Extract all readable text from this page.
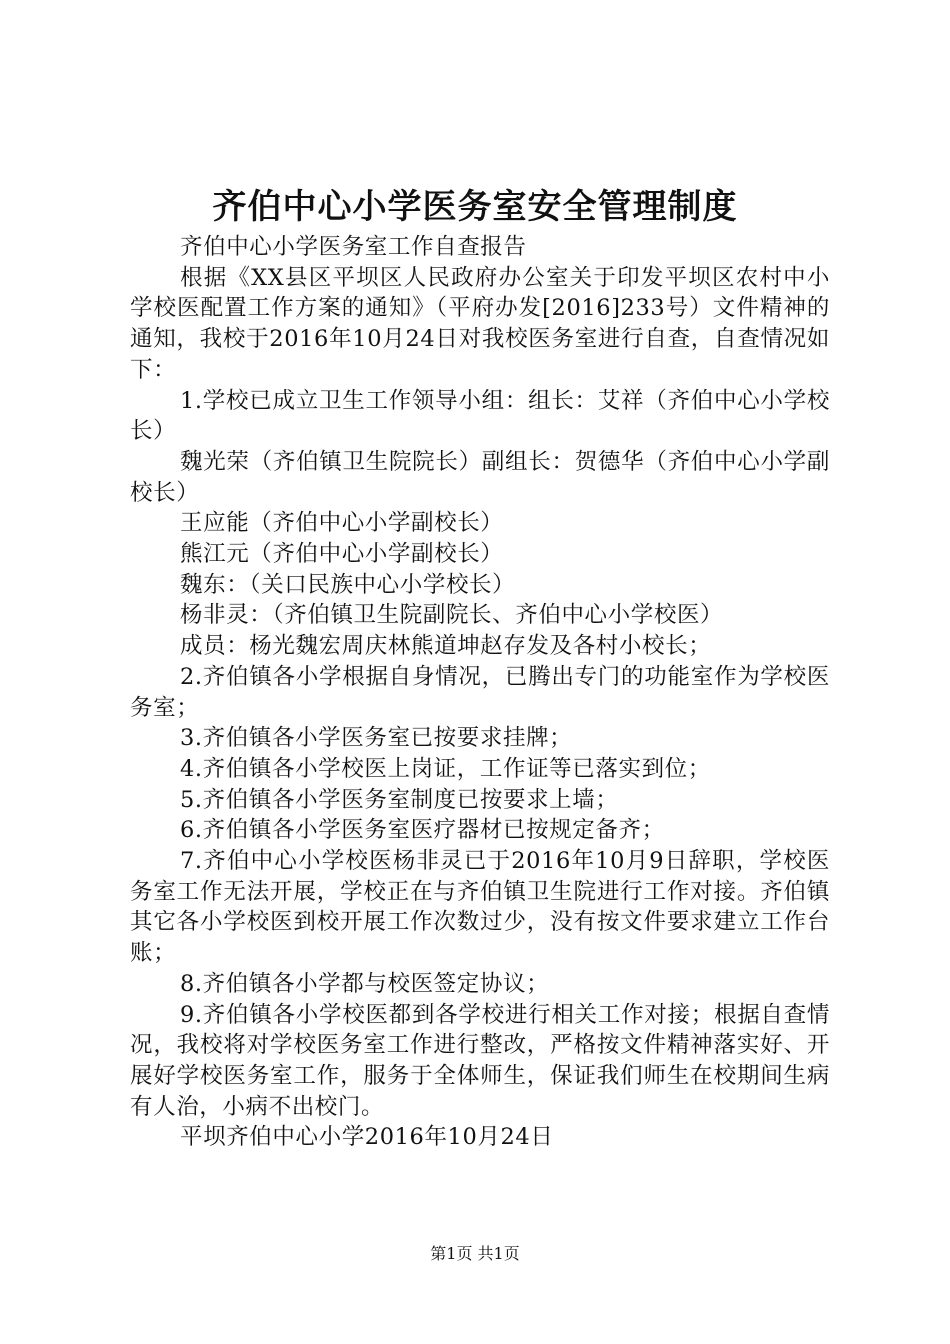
齐伯中心小学医务室安全管理制度

齐伯中心小学医务室工作自查报告

根据《XX县区平坝区人民政府办公室关于印发平坝区农村中小学校医配置工作方案的通知》（平府办发[2016]233号）文件精神的通知，我校于2016年10月24日对我校医务室进行自查，自查情况如下：

1.学校已成立卫生工作领导小组：组长：艾祥（齐伯中心小学校长）

魏光荣（齐伯镇卫生院院长）副组长：贺德华（齐伯中心小学副校长）

王应能（齐伯中心小学副校长）

熊江元（齐伯中心小学副校长）

魏东：（关口民族中心小学校长）

杨非灵：（齐伯镇卫生院副院长、齐伯中心小学校医）

成员：杨光魏宏周庆林熊道坤赵存发及各村小校长；

2.齐伯镇各小学根据自身情况，已腾出专门的功能室作为学校医务室；

3.齐伯镇各小学医务室已按要求挂牌；

4.齐伯镇各小学校医上岗证，工作证等已落实到位；

5.齐伯镇各小学医务室制度已按要求上墙；

6.齐伯镇各小学医务室医疗器材已按规定备齐；

7.齐伯中心小学校医杨非灵已于2016年10月9日辞职，学校医务室工作无法开展，学校正在与齐伯镇卫生院进行工作对接。齐伯镇其它各小学校医到校开展工作次数过少，没有按文件要求建立工作台账；

8.齐伯镇各小学都与校医签定协议；

9.齐伯镇各小学校医都到各学校进行相关工作对接；根据自查情况，我校将对学校医务室工作进行整改，严格按文件精神落实好、开展好学校医务室工作，服务于全体师生，保证我们师生在校期间生病有人治，小病不出校门。

平坝齐伯中心小学2016年10月24日

第1页 共1页
